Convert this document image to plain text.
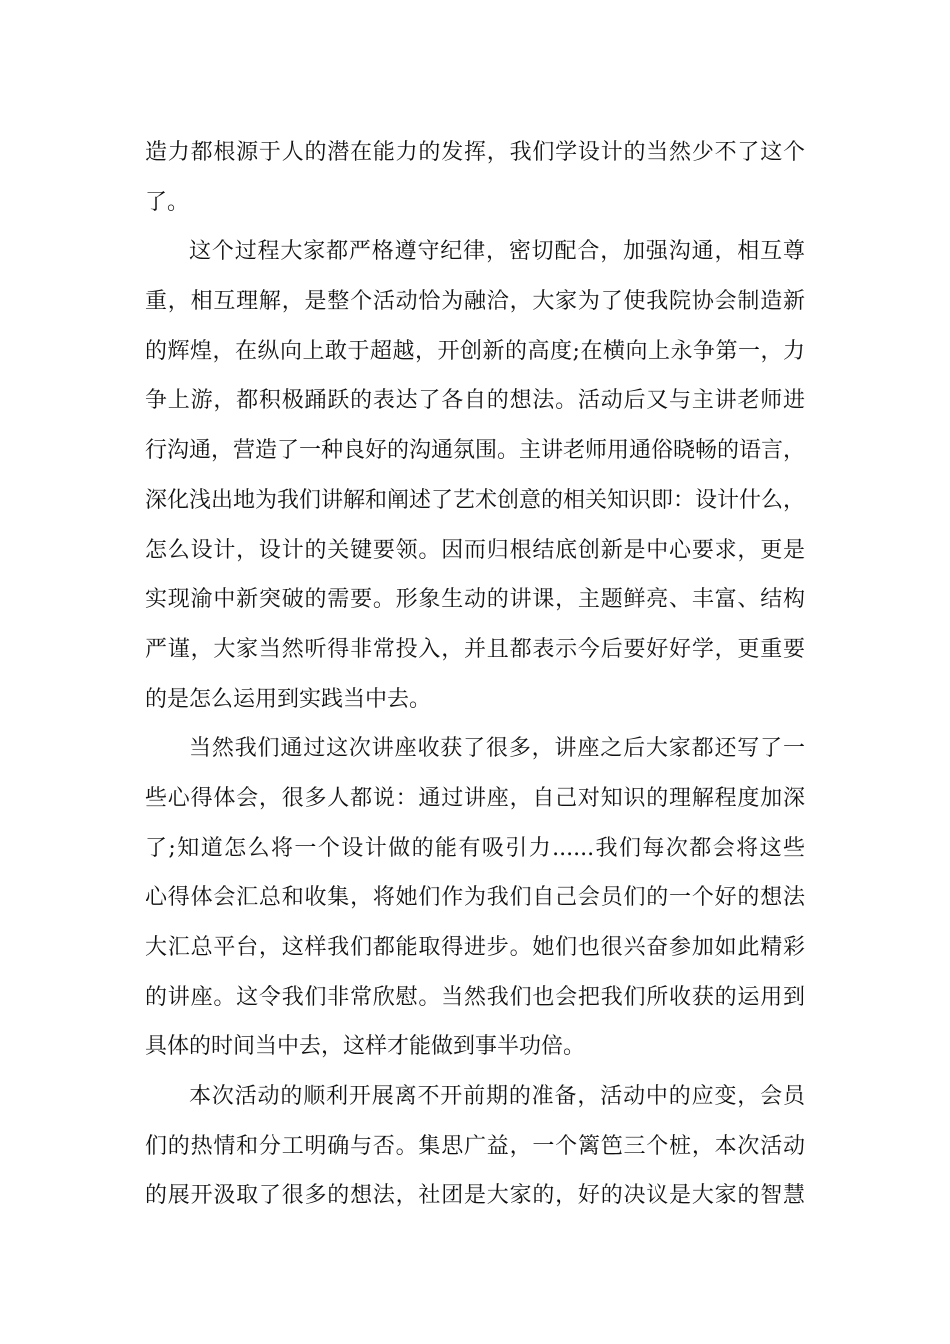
造力都根源于人的潜在能力的发挥，我们学设计的当然少不了这个
了。
这个过程大家都严格遵守纪律，密切配合，加强沟通，相互尊
重，相互理解，是整个活动恰为融洽，大家为了使我院协会制造新
的辉煌，在纵向上敢于超越，开创新的高度;在横向上永争第一，力
争上游，都积极踊跃的表达了各自的想法。活动后又与主讲老师进
行沟通，营造了一种良好的沟通氛围。主讲老师用通俗晓畅的语言，
深化浅出地为我们讲解和阐述了艺术创意的相关知识即：设计什么，
怎么设计，设计的关键要领。因而归根结底创新是中心要求，更是
实现渝中新突破的需要。形象生动的讲课，主题鲜亮、丰富、结构
严谨，大家当然听得非常投入，并且都表示今后要好好学，更重要
的是怎么运用到实践当中去。
当然我们通过这次讲座收获了很多，讲座之后大家都还写了一
些心得体会，很多人都说：通过讲座，自己对知识的理解程度加深
了;知道怎么将一个设计做的能有吸引力......我们每次都会将这些
心得体会汇总和收集，将她们作为我们自己会员们的一个好的想法
大汇总平台，这样我们都能取得进步。她们也很兴奋参加如此精彩
的讲座。这令我们非常欣慰。当然我们也会把我们所收获的运用到
具体的时间当中去，这样才能做到事半功倍。
本次活动的顺利开展离不开前期的准备，活动中的应变，会员
们的热情和分工明确与否。集思广益，一个篱笆三个桩，本次活动
的展开汲取了很多的想法，社团是大家的，好的决议是大家的智慧
